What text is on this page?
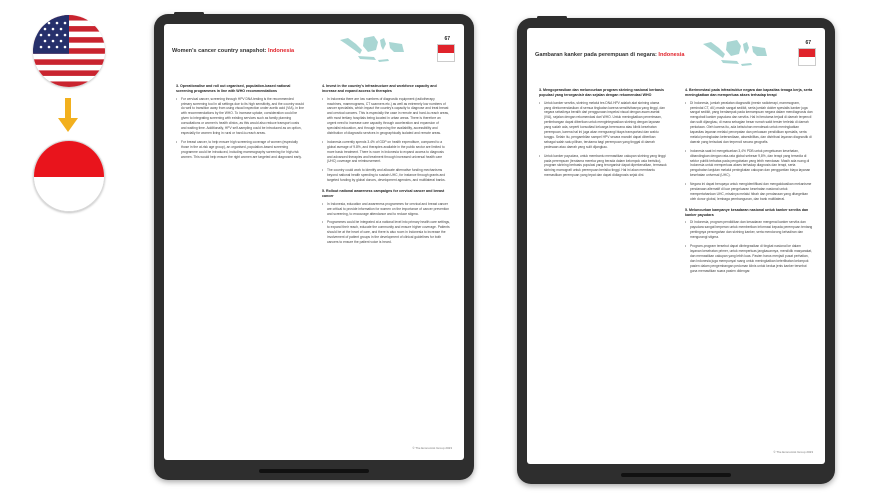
Women's cancer country snapshot: Indonesia
67
3. Operationalise and roll out organised, population-based national screening programmes in line with WHO recommendations
• For cervical cancer, screening through HPV DNA testing is the recommended primary screening tool in all settings due to its high sensitivity, and the country would do well to transition away from using visual inspection under acetic acid (VIA), in line with recommendations by the WHO. To increase uptake, consideration could be given to integrating screening with existing services such as family planning consultations or women's health clinics, as this would also reduce transport costs and waiting time. Additionally, HPV self-sampling could be introduced as an option, especially for women living in rural or hard-to-reach areas.
• For breast cancer, to help ensure high screening coverage of women (especially those in the at-risk age group), an organised, population-based screening programme could be introduced, including mammography screening for high-risk women. This would help ensure the right women are targeted and diagnosed early.
4. Invest in the country's infrastructure and workforce capacity and increase and expand access to therapies
• In Indonesia there are low numbers of diagnostic equipment (radiotherapy machines, mammograms, CT scanners etc.) as well as extremely low numbers of cancer specialists, which impact the country's capacity to diagnose and treat breast and cervical cancers. This is especially the case in remote and hard-to-reach areas, with most tertiary hospitals being located in urban areas. There is therefore an urgent need to increase care capacity through acceleration and expansion of specialist education, and through improving the availability, accessibility and distribution of diagnostic services in geographically isolated and remote areas.
• Indonesia currently spends 3.4% of GDP on health expenditure, compared to a global average of 9.8%, and therapies available in the public sector are limited to more basic treatment. There is room in Indonesia to expand access to diagnosis and advanced therapies and treatment through increased universal health care (UHC) coverage and reimbursement.
• The country could work to identify and allocate alternative funding mechanisms beyond national health spending to sustain UHC, for instance through grants and targeted funding by global donors, development agencies, and multilateral banks.
5. Rollout national awareness campaigns for cervical cancer and breast cancer
• In Indonesia, education and awareness programmes for cervical and breast cancer are critical to provide information for women on the importance of cancer prevention and screening, to encourage attendance and to reduce stigma.
• Programmes could be integrated at a national level into primary health care settings, to expand their reach, educate the community and ensure higher coverage. Patients should be at the heart of care, and there is also room in Indonesia to increase the involvement of patient groups in the development of clinical guidelines for both cancers to ensure the patient voice is heard.
© The Economist Group 2023
Gambaran kanker pada perempuan di negara: Indonesia
67
3. Mengoperasikan dan meluncurkan program skrining nasional berbasis populasi yang terorganisir dan sejalan dengan rekomendasi WHO
• Untuk kanker serviks, skrining melalui tes DNA HPV adalah alat skrining utama yang direkomendasikan di semua tingkatan karena sensitivitasnya yang tinggi, dan negara sebaiknya beralih dari penggunaan inspeksi visual dengan asam asetat (IVA), sejalan dengan rekomendasi dari WHO. Untuk meningkatkan penerimaan, pertimbangan dapat diberikan untuk mengintegrasikan skrining dengan layanan yang sudah ada, seperti konsultasi keluarga berencana atau klinik kesehatan perempuan, karena hal ini juga akan mengurangi biaya transportasi dan waktu tunggu. Selain itu, pengambilan sampel HPV secara mandiri dapat diberikan sebagai salah satu pilihan, terutama bagi perempuan yang tinggal di daerah pedesaan atau daerah yang sulit dijangkau.
• Untuk kanker payudara, untuk membantu memastikan cakupan skrining yang tinggi pada perempuan (terutama mereka yang berada dalam kelompok usia berisiko), program skrining berbasis populasi yang terorganisir dapat diperkenalkan, termasuk skrining mamografi untuk perempuan berisiko tinggi. Hal ini akan membantu memastikan perempuan yang tepat dan dapat didiagnosis sejak dini.
4. Berinvestasi pada infrastruktur negara dan kapasitas tenaga kerja, serta meningkatkan dan memperluas akses terhadap terapi
• Di Indonesia, jumlah peralatan diagnostik (mesin radioterapi, mammogram, pemindai CT, dll.) masih sangat sedikit, serta jumlah dokter spesialis kanker juga sangat sedikit, yang berdampak pada kemampuan negara dalam mendiagnosis dan mengobati kanker payudara dan serviks. Hal ini terutama terjadi di daerah terpencil dan sulit dijangkau, di mana sebagian besar rumah sakit tersier terletak di daerah perkotaan. Oleh karena itu, ada kebutuhan mendesak untuk meningkatkan kapasitas layanan melalui percepatan dan perluasan pendidikan spesialis, serta melalui peningkatan ketersediaan, aksesibilitas, dan distribusi layanan diagnostik di daerah yang terisolasi dan terpencil secara geografis.
• Indonesia saat ini mengeluarkan 3,4% PDB untuk pengeluaran kesehatan, dibandingkan dengan rata-rata global sebesar 9,8%, dan terapi yang tersedia di sektor publik terbatas pada pengobatan yang lebih mendasar. Masih ada ruang di Indonesia untuk memperluas akses terhadap diagnosis dan terapi, serta pengobatan lanjutan melalui peningkatan cakupan dan penggantian biaya layanan kesehatan universal (UHC).
• Negara ini dapat berupaya untuk mengidentifikasi dan mengalokasikan mekanisme pendanaan alternatif di luar pengeluaran kesehatan nasional untuk mempertahankan UHC, misalnya melalui hibah dan pendanaan yang ditargetkan oleh donor global, lembaga pembangunan, dan bank multilateral.
5. Meluncurkan kampanye kesadaran nasional untuk kanker serviks dan kanker payudara
• Di Indonesia, program pendidikan dan kesadaran mengenai kanker serviks dan payudara sangat berperan untuk memberikan informasi kepada perempuan tentang pentingnya pencegahan dan skrining kanker, serta mendorong kehadiran dan mengurangi stigma.
• Program-program tersebut dapat diintegrasikan di tingkat nasional ke dalam layanan kesehatan primer, untuk memperluas jangkauannya, mendidik masyarakat, dan memastikan cakupan yang lebih luas. Pasien harus menjadi pusat perhatian, dan Indonesia juga mempunyai ruang untuk meningkatkan keterlibatan kelompok pasien dalam pengembangan pedoman klinis untuk kedua jenis kanker tersebut guna memastikan suara pasien didengar.
© The Economist Group 2023
